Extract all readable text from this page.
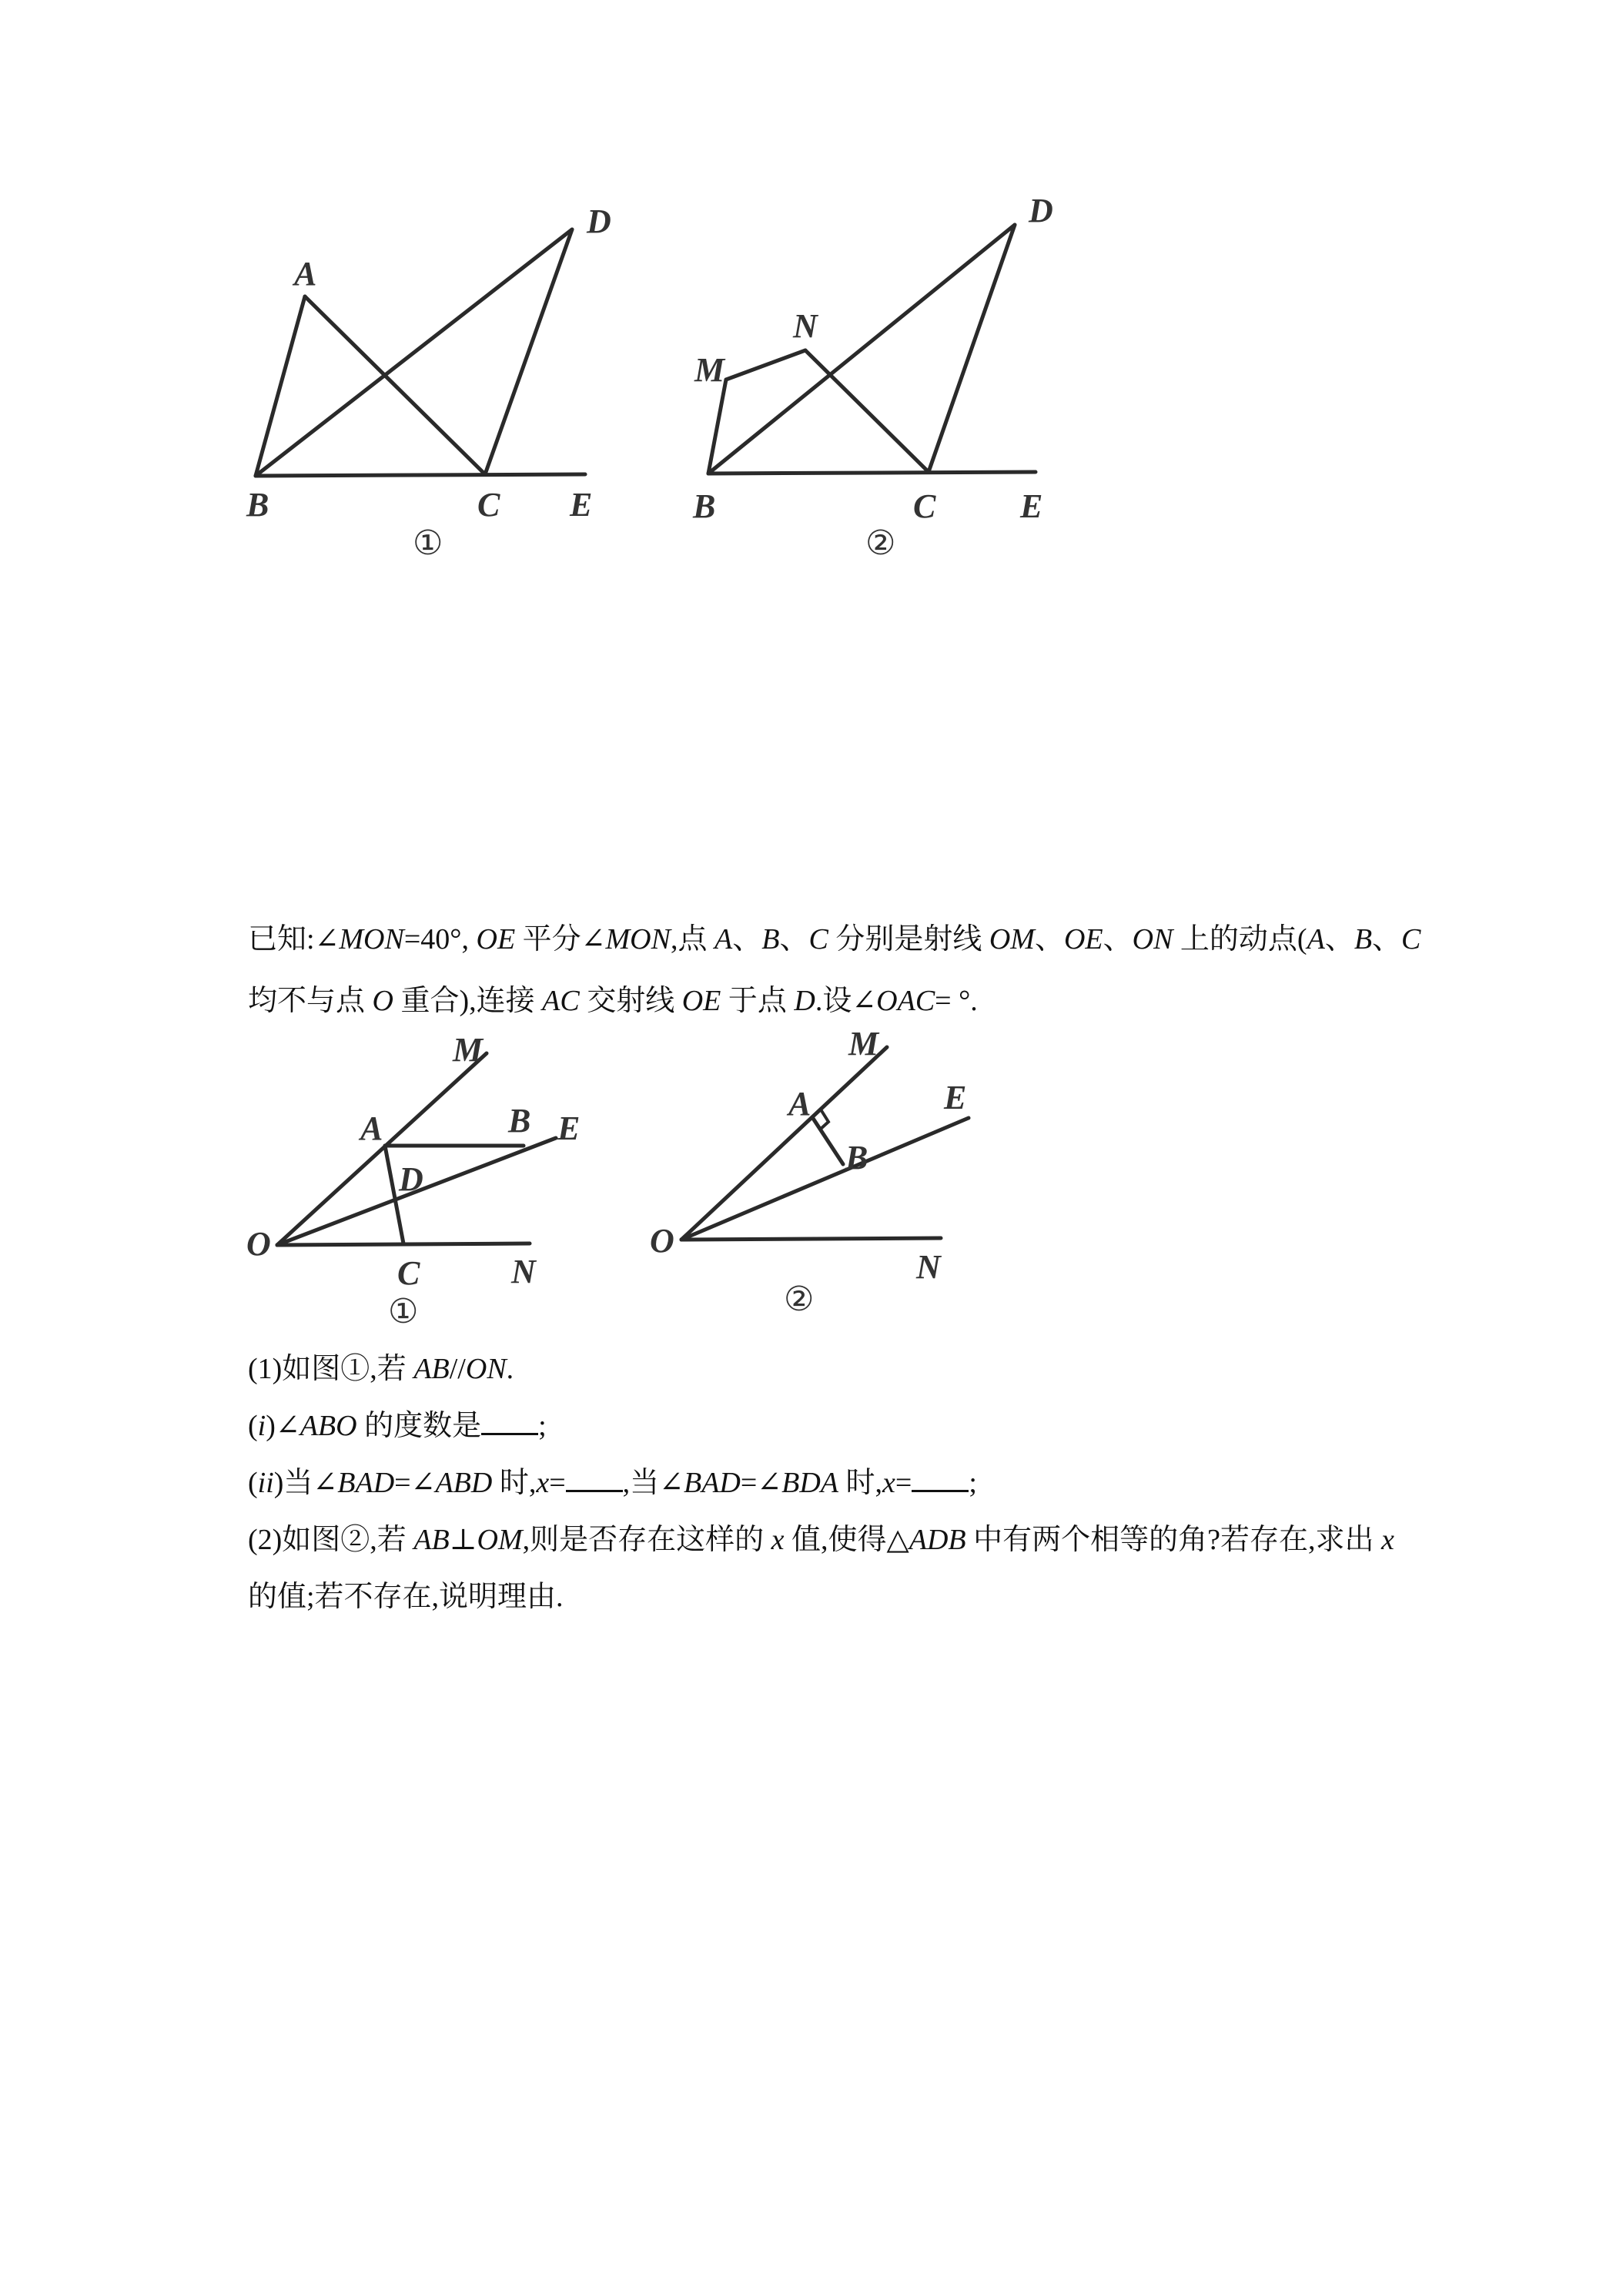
A
B	C
D
E
①
M
N
B	C
D
E
②

已知:∠MON=40°, OE 平分∠MON,点 A、B、C 分别是射线 OM、OE、ON 上的动点(A、B、C

均不与点 O 重合),连接 AC 交射线 OE 于点 D.设∠OAC= °.

M
A	B E
D
O
C	N
①
M
A	E
B
O
N
②

(1)如图①,若 AB//ON.

(i)∠ABO 的度数是 ;

(ii)当∠BAD=∠ABD 时,x= ,当∠BAD=∠BDA 时,x= ;

(2)如图②,若 AB⊥OM,则是否存在这样的 x 值,使得△ADB 中有两个相等的角?若存在,求出 x

的值;若不存在,说明理由.
